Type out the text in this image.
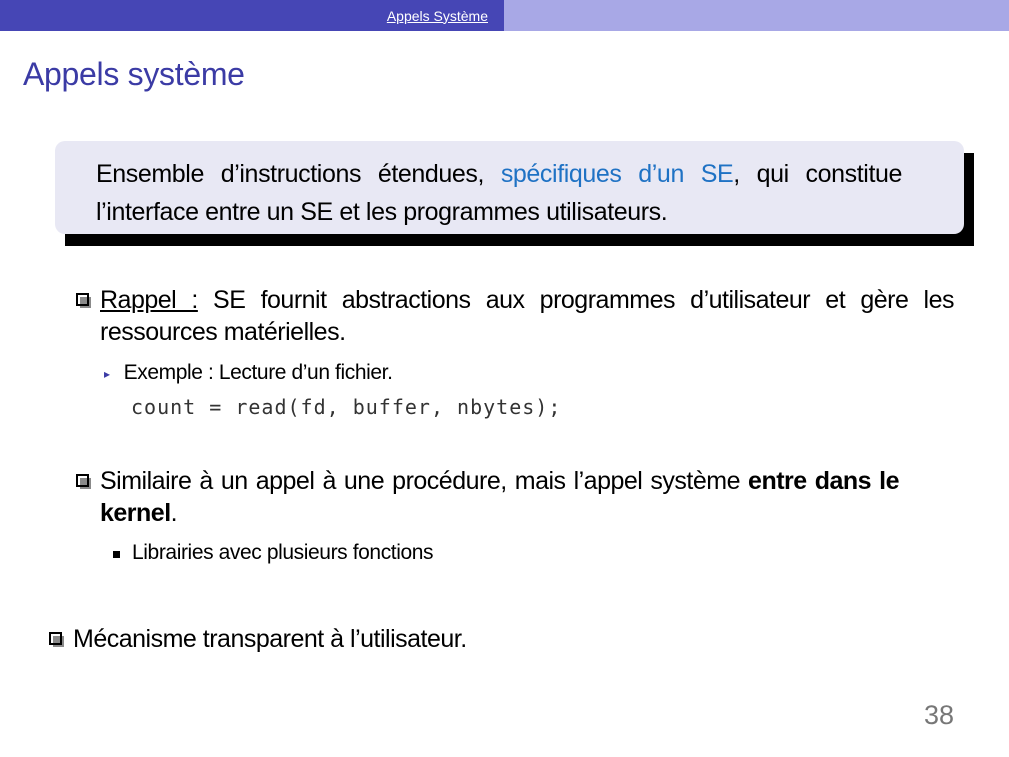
Appels Système
Appels système
Ensemble d’instructions étendues, spécifiques d’un SE, qui constitue l’interface entre un SE et les programmes utilisateurs.
Rappel : SE fournit abstractions aux programmes d’utilisateur et gère les ressources matérielles.
▸ Exemple : Lecture d’un fichier.
count = read(fd, buffer, nbytes);
Similaire à un appel à une procédure, mais l’appel système entre dans le kernel.
Librairies avec plusieurs fonctions
Mécanisme transparent à l’utilisateur.
38
